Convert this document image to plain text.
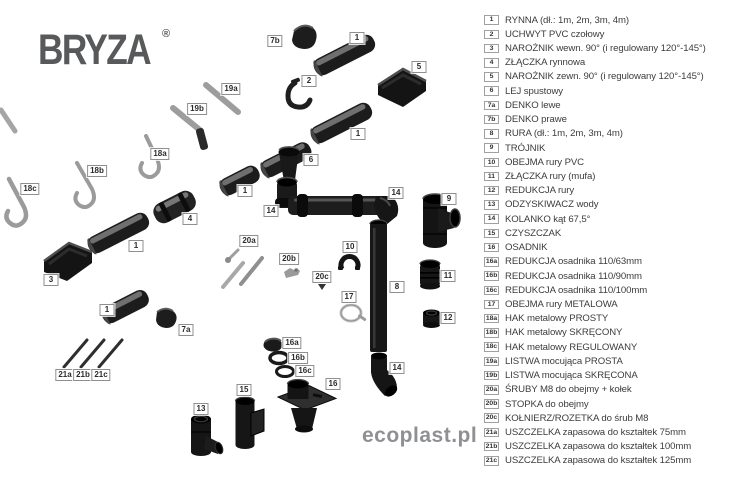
BRYZA ®
7b	1
5
2
19a
19b
1
18a
6
18b
18c	1	14
9
14
4
20a
1	10
20b
11
20c
3
8
17
1
12
7a
16a
16b
14
16c
21a 21b 21c
16
15
13
1	RYNNA (dł.: 1m, 2m, 3m, 4m)
2	UCHWYT PVC czołowy
3	NAROŻNIK wewn. 90° (i regulowany 120°-145°)
4	ZŁĄCZKA rynnowa
5	NAROŻNIK zewn. 90° (i regulowany 120°-145°)
6	LEJ spustowy
7a	DENKO lewe
7b DENKO prawe
8	RURA (dł.: 1m, 2m, 3m, 4m)
9	TRÓJNIK
10	OBEJMA rury PVC
11	ZŁĄCZKA rury (mufa)
12	REDUKCJA rury
13	ODZYSKIWACZ wody
14	KOLANKO kąt 67,5°
15	CZYSZCZAK
16	OSADNIK
16a REDUKCJA osadnika 110/63mm
16b REDUKCJA osadnika 110/90mm
16c REDUKCJA osadnika 110/100mm
17	OBEJMA rury METALOWA
18a HAK metalowy PROSTY
18b HAK metalowy SKRĘCONY
18c HAK metalowy REGULOWANY
19a LISTWA mocująca PROSTA
19b LISTWA mocująca SKRĘCONA
20a ŚRUBY M8 do obejmy + kołek
20b STOPKA do obejmy
20c KOŁNIERZ/ROZETKA do śrub M8
21a USZCZELKA zapasowa do kształtek 75mm
21b USZCZELKA zapasowa do kształtek 100mm
21c USZCZELKA zapasowa do kształtek 125mm
ecoplast.pl
